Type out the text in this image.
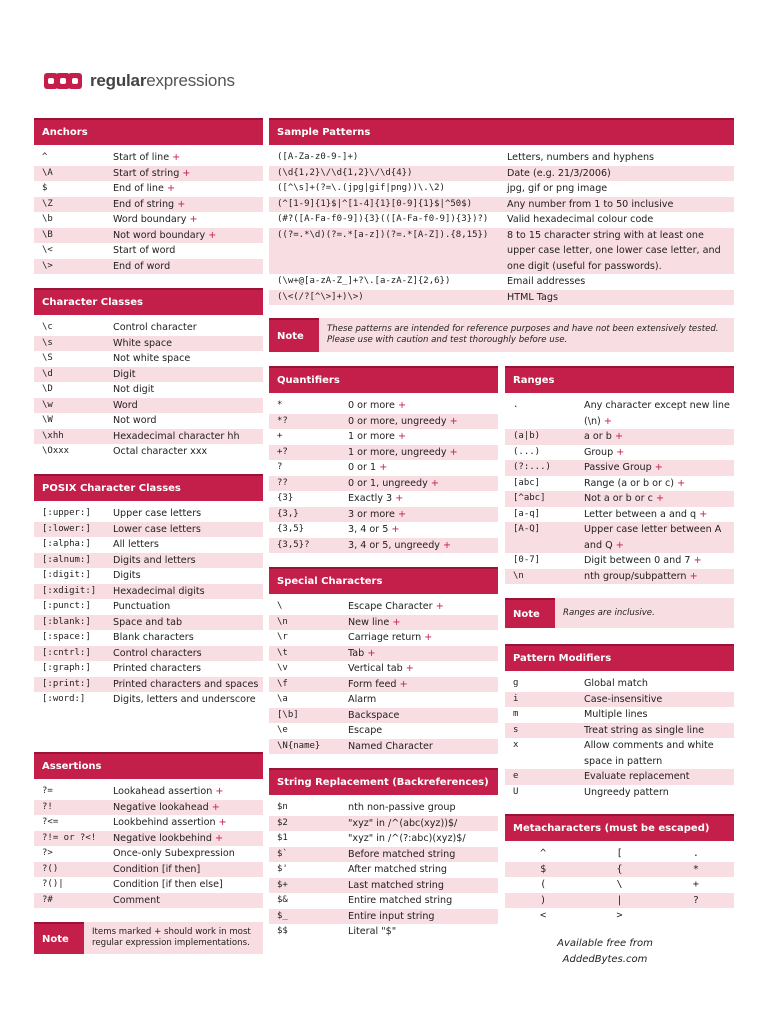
regularexpressions
Anchors
^	Start of line +
\A	Start of string +
$	End of line +
\Z	End of string +
\b	Word boundary +
\B	Not word boundary +
\<	Start of word
\>	End of word
Character Classes
\c	Control character
\s	White space
\S	Not white space
\d	Digit
\D	Not digit
\w	Word
\W	Not word
\xhh	Hexadecimal character hh
\Oxxx	Octal character xxx
POSIX Character Classes
[:upper:]	Upper case letters
[:lower:]	Lower case letters
[:alpha:]	All letters
[:alnum:]	Digits and letters
[:digit:]	Digits
[:xdigit:]	Hexadecimal digits
[:punct:]	Punctuation
[:blank:]	Space and tab
[:space:]	Blank characters
[:cntrl:]	Control characters
[:graph:]	Printed characters
[:print:]	Printed characters and spaces
[:word:]	Digits, letters and underscore
Assertions
?=	Lookahead assertion +
?!	Negative lookahead +
?<=	Lookbehind assertion +
?!= or ?<!	Negative lookbehind +
?>	Once-only Subexpression
?()	Condition [if then]
?()|	Condition [if then else]
?#	Comment
Note
Items marked + should work in most regular expression implementations.
Sample Patterns
([A-Za-z0-9-]+)	Letters, numbers and hyphens
(\d{1,2}\/\d{1,2}\/\d{4})	Date (e.g. 21/3/2006)
([^\s]+(?=\.(jpg|gif|png))\.\2)	jpg, gif or png image
(^[1-9]{1}$|^[1-4]{1}[0-9]{1}$|^50$)	Any number from 1 to 50 inclusive
(#?([A-Fa-f0-9]){3}(([A-Fa-f0-9]){3})?)	Valid hexadecimal colour code
((?=.*\d)(?=.*[a-z])(?=.*[A-Z]).{8,15})	8 to 15 character string with at least one upper case letter, one lower case letter, and one digit (useful for passwords).
(\w+@[a-zA-Z_]+?\.[a-zA-Z]{2,6})	Email addresses
(\<(/?[^\>]+)\>)	HTML Tags
Note
These patterns are intended for reference purposes and have not been extensively tested. Please use with caution and test thoroughly before use.
Quantifiers
*	0 or more +
*?	0 or more, ungreedy +
+	1 or more +
+?	1 or more, ungreedy +
?	0 or 1 +
??	0 or 1, ungreedy +
{3}	Exactly 3 +
{3,}	3 or more +
{3,5}	3, 4 or 5 +
{3,5}?	3, 4 or 5, ungreedy +
Special Characters
\	Escape Character +
\n	New line +
\r	Carriage return +
\t	Tab +
\v	Vertical tab +
\f	Form feed +
\a	Alarm
[\b]	Backspace
\e	Escape
\N{name}	Named Character
String Replacement (Backreferences)
$n	nth non-passive group
$2	"xyz" in /^(abc(xyz))$/
$1	"xyz" in /^(?:abc)(xyz)$/
$`	Before matched string
$'	After matched string
$+	Last matched string
$&	Entire matched string
$_	Entire input string
$$	Literal "$"
Ranges
.	Any character except new line (\n) +
(a|b)	a or b +
(...)	Group +
(?:...)	Passive Group +
[abc]	Range (a or b or c) +
[^abc]	Not a or b or c +
[a-q]	Letter between a and q +
[A-Q]	Upper case letter between A and Q +
[0-7]	Digit between 0 and 7 +
\n	nth group/subpattern +
Note	Ranges are inclusive.
Pattern Modifiers
g	Global match
i	Case-insensitive
m	Multiple lines
s	Treat string as single line
x	Allow comments and white space in pattern
e	Evaluate replacement
U	Ungreedy pattern
Metacharacters (must be escaped)
^	[	.
$	{	*
(	\	+
)	|	?
<	>

Available free from
AddedBytes.com
